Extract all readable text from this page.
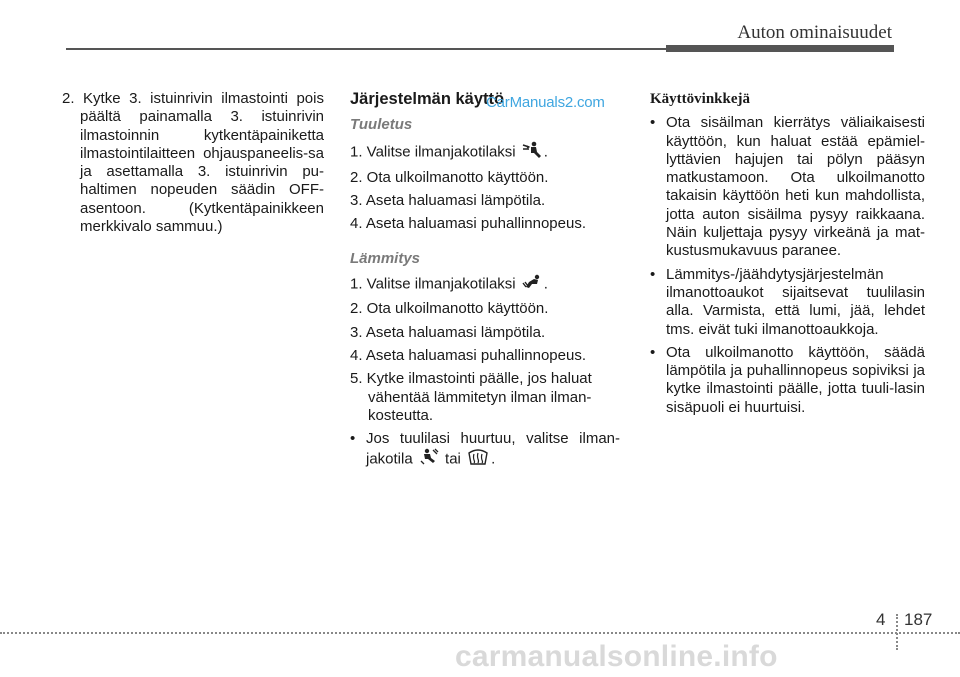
Auton ominaisuudet

2. Kytke 3. istuinrivin ilmastointi pois päältä painamalla 3. istuinrivin ilmastoinnin kytkentäpainiketta ilmastointilaitteen ohjauspaneelis-sa ja asettamalla 3. istuinrivin pu-haltimen nopeuden säädin OFF-asentoon. (Kytkentäpainikkeen merkkivalo sammuu.)

Järjestelmän käyttö
CarManuals2.com
Tuuletus

1. Valitse ilmanjakotilaksi .

2. Ota ulkoilmanotto käyttöön.

3. Aseta haluamasi lämpötila.

4. Aseta haluamasi puhallinnopeus.

Lämmitys

1. Valitse ilmanjakotilaksi .

2. Ota ulkoilmanotto käyttöön.

3. Aseta haluamasi lämpötila.

4. Aseta haluamasi puhallinnopeus.

5. Kytke ilmastointi päälle, jos haluat vähentää lämmitetyn ilman ilman-kosteutta.

• Jos tuulilasi huurtuu, valitse ilman-jakotila tai .
Käyttövinkkejä
• Ota sisäilman kierrätys väliaikaisesti käyttöön, kun haluat estää epämiel-lyttävien hajujen tai pölyn pääsyn matkustamoon. Ota ulkoilmanotto takaisin käyttöön heti kun mahdollista, jotta auton sisäilma pysyy raikkaana. Näin kuljettaja pysyy virkeänä ja mat-kustusmukavuus paranee.
• Lämmitys-/jäähdytysjärjestelmän ilmanottoaukot sijaitsevat tuulilasin alla. Varmista, että lumi, jää, lehdet tms. eivät tuki ilmanottoaukkoja.
• Ota ulkoilmanotto käyttöön, säädä lämpötila ja puhallinnopeus sopiviksi ja kytke ilmastointi päälle, jotta tuuli-lasin sisäpuoli ei huurtuisi.
4 187
carmanualsonline.info
